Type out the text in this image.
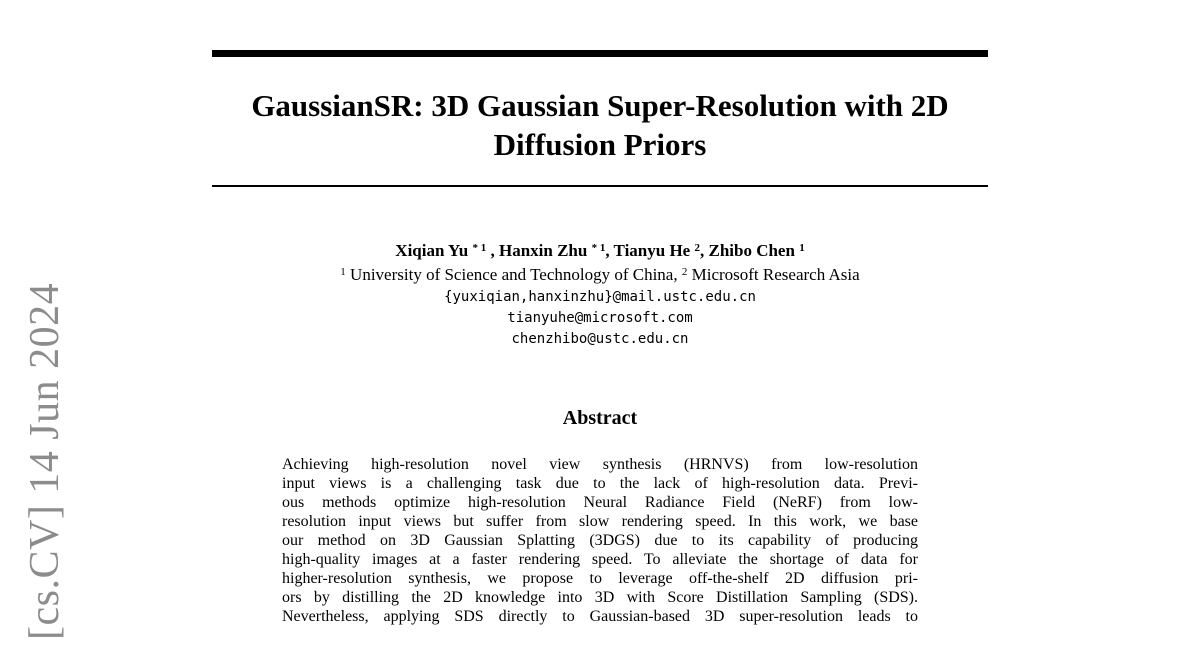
GaussianSR: 3D Gaussian Super-Resolution with 2D
Diffusion Priors
Xiqian Yu $^{* 1}$ , Hanxin Zhu $^{* 1}$, Tianyu He $^2$, Zhibo Chen $^1$
$^1$ University of Science and Technology of China, $^2$ Microsoft Research Asia
{yuxiqian,hanxinzhu}@mail.ustc.edu.cn
tianyuhe@microsoft.com
chenzhibo@ustc.edu.cn
Abstract
Achieving high-resolution novel view synthesis (HRNVS) from low-resolution
input views is a challenging task due to the lack of high-resolution data. Previ-
ous methods optimize high-resolution Neural Radiance Field (NeRF) from low-
resolution input views but suffer from slow rendering speed. In this work, we base
our method on 3D Gaussian Splatting (3DGS) due to its capability of producing
high-quality images at a faster rendering speed. To alleviate the shortage of data for
higher-resolution synthesis, we propose to leverage off-the-shelf 2D diffusion pri-
ors by distilling the 2D knowledge into 3D with Score Distillation Sampling (SDS).
Nevertheless, applying SDS directly to Gaussian-based 3D super-resolution leads to
[cs.CV] 14 Jun 2024
